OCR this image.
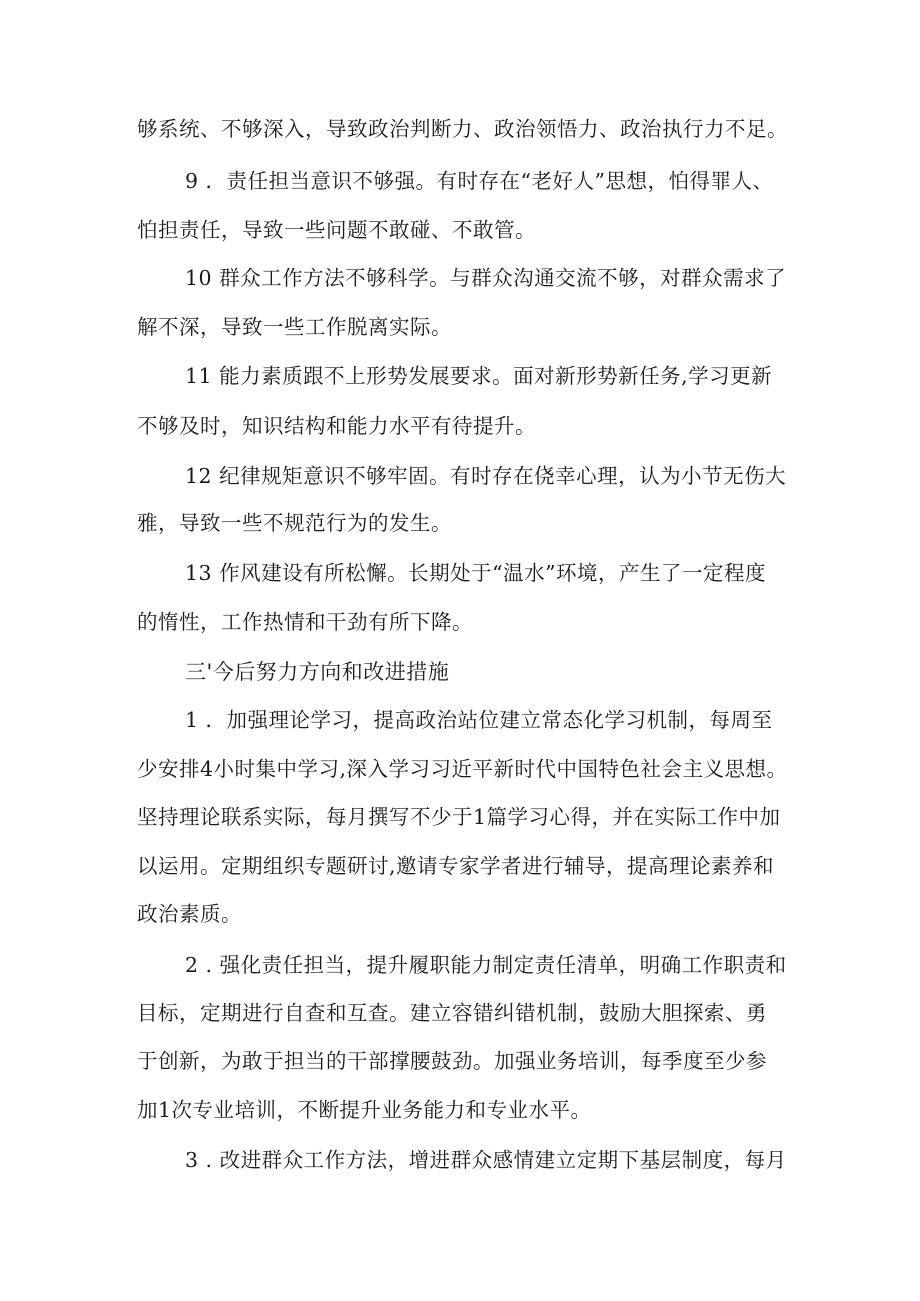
够系统、不够深入，导致政治判断力、政治领悟力、政治执行力不足。
9 ．责任担当意识不够强。有时存在“老好人”思想，怕得罪人、
怕担责任，导致一些问题不敢碰、不敢管。
10 群众工作方法不够科学。与群众沟通交流不够，对群众需求了
解不深，导致一些工作脱离实际。
11 能力素质跟不上形势发展要求。面对新形势新任务,学习更新
不够及时，知识结构和能力水平有待提升。
12 纪律规矩意识不够牢固。有时存在侥幸心理，认为小节无伤大
雅，导致一些不规范行为的发生。
13 作风建设有所松懈。长期处于“温水”环境，产生了一定程度
的惰性，工作热情和干劲有所下降。
三'今后努力方向和改进措施
1 ．加强理论学习，提高政治站位建立常态化学习机制，每周至
少安排4小时集中学习,深入学习习近平新时代中国特色社会主义思想。
坚持理论联系实际，每月撰写不少于1篇学习心得，并在实际工作中加
以运用。定期组织专题研讨,邀请专家学者进行辅导，提高理论素养和
政治素质。
2 . 强化责任担当，提升履职能力制定责任清单，明确工作职责和
目标，定期进行自查和互查。建立容错纠错机制，鼓励大胆探索、勇
于创新，为敢于担当的干部撑腰鼓劲。加强业务培训，每季度至少参
加1次专业培训，不断提升业务能力和专业水平。
3 . 改进群众工作方法，增进群众感情建立定期下基层制度，每月
